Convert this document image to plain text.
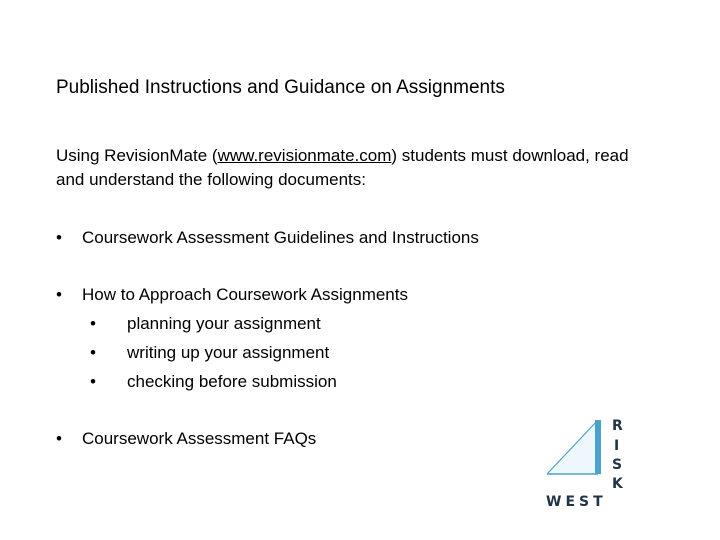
Published Instructions and Guidance on Assignments
Using RevisionMate (www.revisionmate.com) students must download, read
and understand the following documents:
• Coursework Assessment Guidelines and Instructions
• How to Approach Coursework Assignments
• planning your assignment
• writing up your assignment
• checking before submission
• Coursework Assessment FAQs
R
I
S
K
WEST
